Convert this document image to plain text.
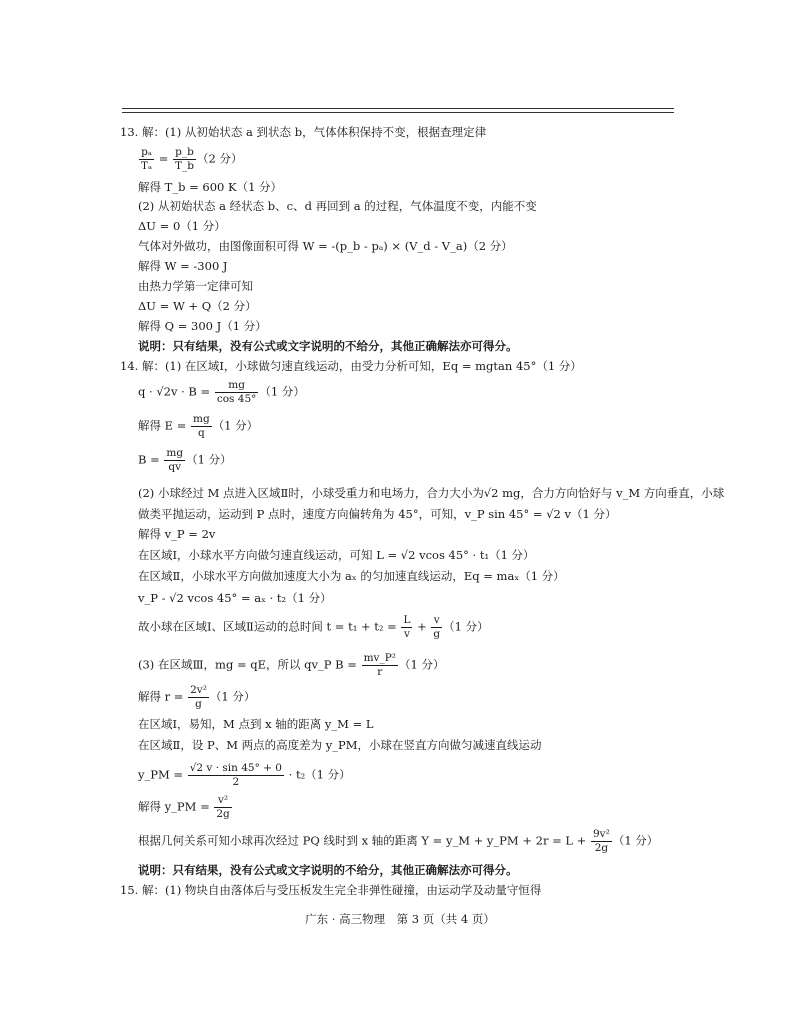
13. 解：(1) 从初始状态 a 到状态 b，气体体积保持不变，根据查理定律
$\frac{\text{pₐ}}{\text{Tₐ}} = \frac{p\_b}{T\_b} (2$ 分）
解得 T_b = 600 K（1 分）
(2) 从初始状态 a 经状态 b、c、d 再回到 a 的过程，气体温度不变，内能不变
ΔU = 0（1 分）
气体对外做功，由图像面积可得 W = -(p_b - pₐ) × (V_d - V_a)（2 分）
解得 W = -300 J
由热力学第一定律可知
ΔU = W + Q（2 分）
解得 Q = 300 J（1 分）
说明：只有结果，没有公式或文字说明的不给分，其他正确解法亦可得分。
14. 解：(1) 在区域Ⅰ，小球做匀速直线运动，由受力分析可知，Eq = mgtan 45°（1 分）
$q \cdot √2v \cdot B = \frac{mg}{\cos 45^\circ} (1$ 分）
解得 $E = \frac{mg}{q} (1$ 分）
$B = \frac{mg}{qv} (1$ 分）
(2) 小球经过 M 点进入区域Ⅱ时，小球受重力和电场力，合力大小为√2 mg，合力方向恰好与 v_M 方向垂直，小球
做类平抛运动，运动到 P 点时，速度方向偏转角为 45°，可知，v_P sin 45° = √2 v（1 分）
解得 v_P = 2v
在区域Ⅰ，小球水平方向做匀速直线运动，可知 L = √2 vcos 45° · t₁（1 分）
在区域Ⅱ，小球水平方向做加速度大小为 aₓ 的匀加速直线运动，Eq = maₓ（1 分）
v_P - √2 vcos 45° = aₓ · t₂（1 分）
故小球在区域Ⅰ、区域Ⅱ运动的总时间 $t = t_1 + t_2 = \frac{L}{v} + \frac{v}{g} (1$ 分）
(3) 在区域Ⅲ，mg = qE，所以 qv_P $B = \frac{\text{mv\_P²}}{r} (1$ 分）
解得 $r = \frac{\text{2v²}}{g} (1$ 分）
在区域Ⅰ，易知，M 点到 x 轴的距离 y_M = L
在区域Ⅱ，设 P、M 两点的高度差为 y_PM，小球在竖直方向做匀减速直线运动
y_PM = $\frac{√2 v \cdot \sin 45^\circ + 0}{2} \cdot t_2(1$ 分）
解得 y_PM = $\frac{\text{v²}}{2g}$
根据几何关系可知小球再次经过 PQ 线时到 x 轴的距离 Y = y_M + y_PM + $2r = L + \frac{\text{9v²}}{2g} (1$ 分）
说明：只有结果，没有公式或文字说明的不给分，其他正确解法亦可得分。
15. 解：(1) 物块自由落体后与受压板发生完全非弹性碰撞，由运动学及动量守恒得
广东 · 高三物理　第 3 页（共 4 页）
